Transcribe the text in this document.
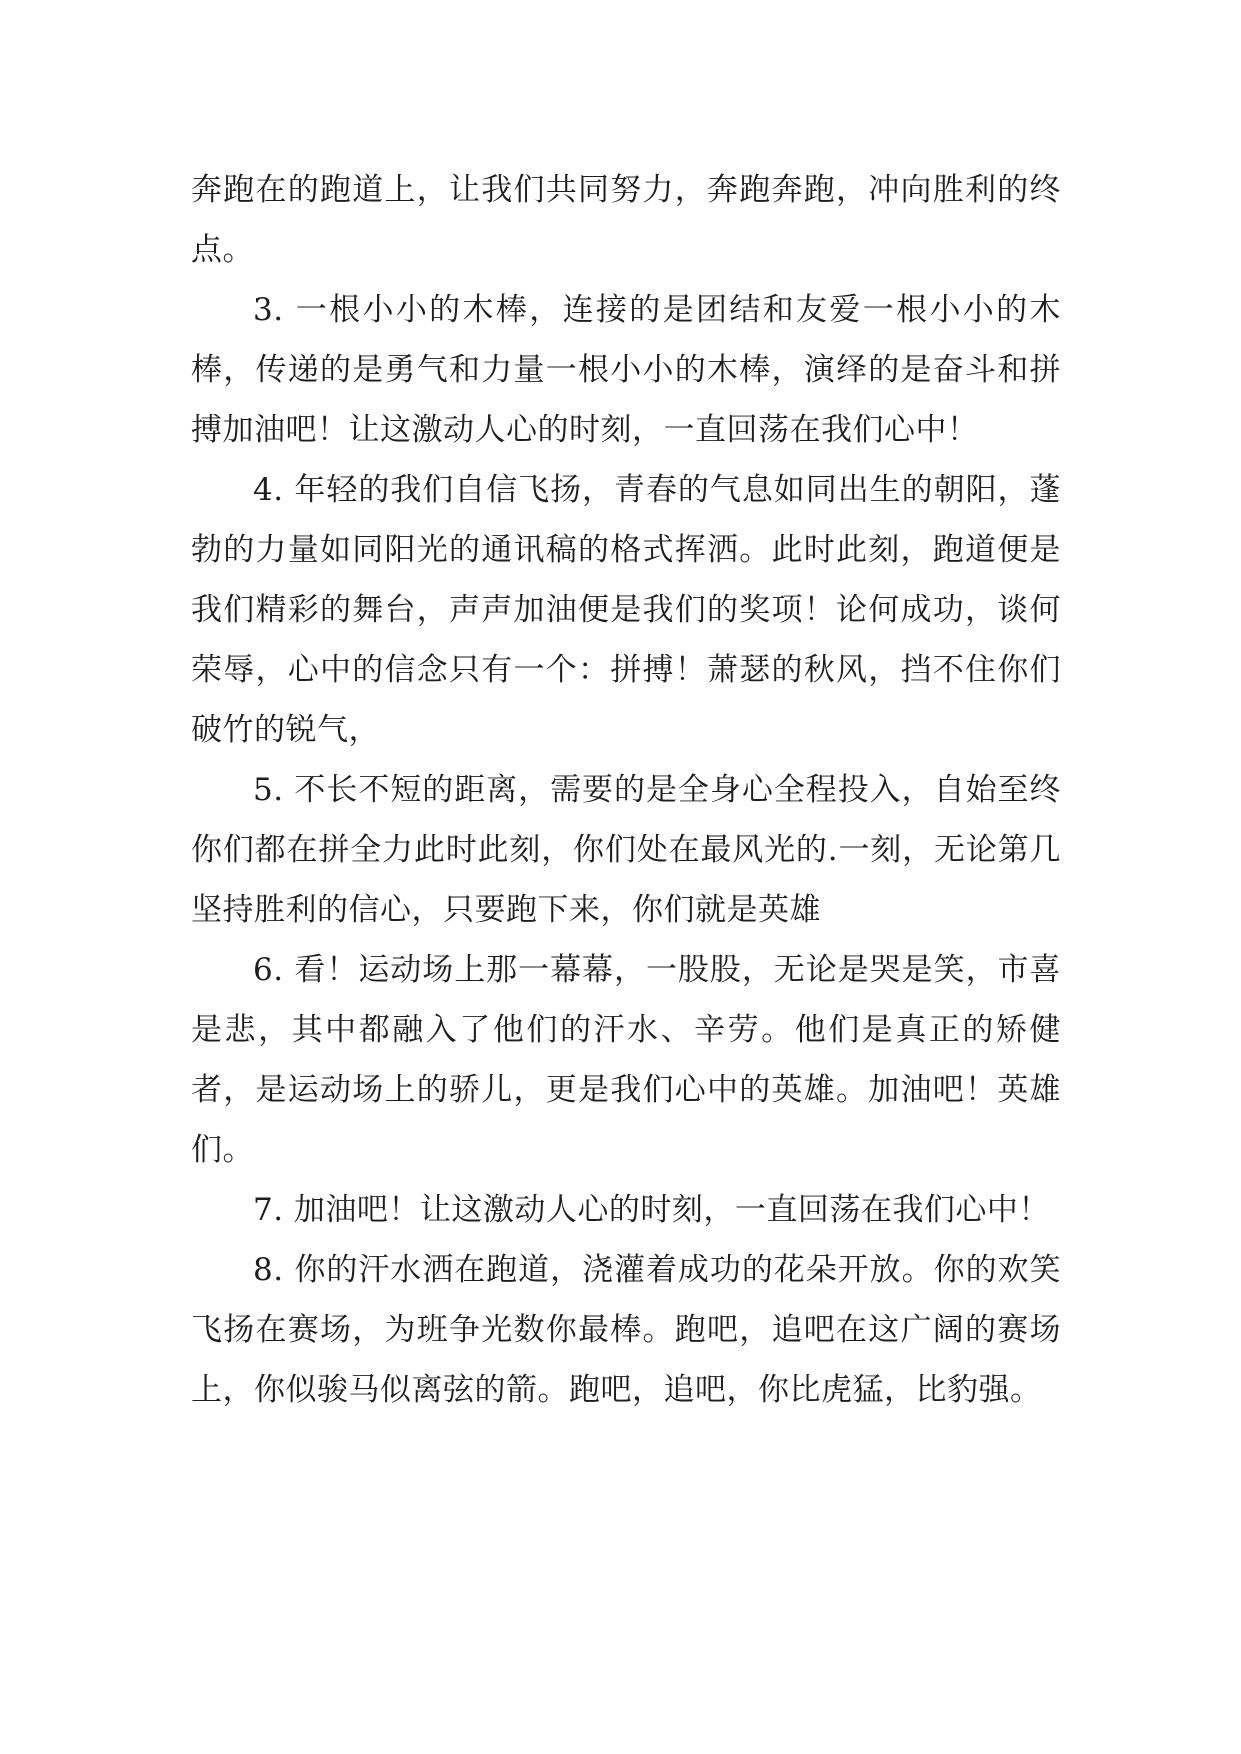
奔跑在的跑道上，让我们共同努力，奔跑奔跑，冲向胜利的终点。

3. 一根小小的木棒，连接的是团结和友爱一根小小的木棒，传递的是勇气和力量一根小小的木棒，演绎的是奋斗和拼搏加油吧！让这激动人心的时刻，一直回荡在我们心中！

4. 年轻的我们自信飞扬，青春的气息如同出生的朝阳，蓬勃的力量如同阳光的通讯稿的格式挥洒。此时此刻，跑道便是我们精彩的舞台，声声加油便是我们的奖项！论何成功，谈何荣辱，心中的信念只有一个：拼搏！萧瑟的秋风，挡不住你们破竹的锐气，

5. 不长不短的距离，需要的是全身心全程投入，自始至终你们都在拼全力此时此刻，你们处在最风光的.一刻，无论第几坚持胜利的信心，只要跑下来，你们就是英雄

6. 看！运动场上那一幕幕，一股股，无论是哭是笑，市喜是悲，其中都融入了他们的汗水、辛劳。他们是真正的矫健者，是运动场上的骄儿，更是我们心中的英雄。加油吧！英雄们。

7. 加油吧！让这激动人心的时刻，一直回荡在我们心中！

8. 你的汗水洒在跑道，浇灌着成功的花朵开放。你的欢笑飞扬在赛场，为班争光数你最棒。跑吧，追吧在这广阔的赛场上，你似骏马似离弦的箭。跑吧，追吧，你比虎猛，比豹强。
